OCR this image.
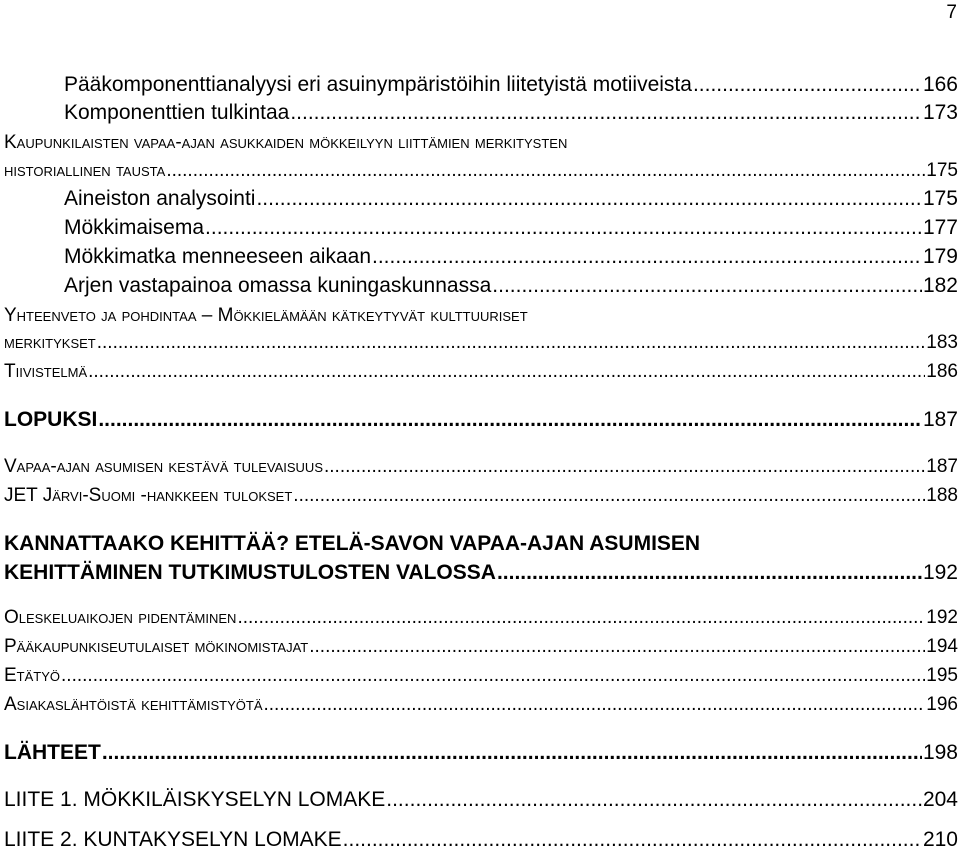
7
Pääkomponenttianalyysi eri asuinympäristöihin liitetyistä motiiveista .....	166
Komponenttien tulkintaa .....	173
Kaupunkilaisten vapaa-ajan asukkaiden mökkeilyyn liittämien merkitysten
historiallinen tausta .....	175
Aineiston analysointi .....	175
Mökkimaisema .....	177
Mökkimatka menneeseen aikaan .....	179
Arjen vastapainoa omassa kuningaskunnassa .....	182
Yhteenveto ja pohdintaa – Mökkielämään kätkeytyvät kulttuuriset
merkitykset .....	183
Tiivistelmä .....	186
LOPUKSI .....	187
Vapaa-ajan asumisen kestävä tulevaisuus .....	187
JET Järvi-Suomi -hankkeen tulokset .....	188
KANNATTAAKO KEHITTÄÄ? ETELÄ-SAVON VAPAA-AJAN ASUMISEN
KEHITTÄMINEN TUTKIMUSTULOSTEN VALOSSA .....	192
Oleskeluaikojen pidentäminen .....	192
Pääkaupunkiseutulaiset mökinomistajat .....	194
Etätyö .....	195
Asiakaslähtöistä kehittämistyötä .....	196
LÄHTEET .....	198
LIITE 1. MÖKKILÄISKYSELYN LOMAKE .....	204
LIITE 2. KUNTAKYSELYN LOMAKE .....	210
